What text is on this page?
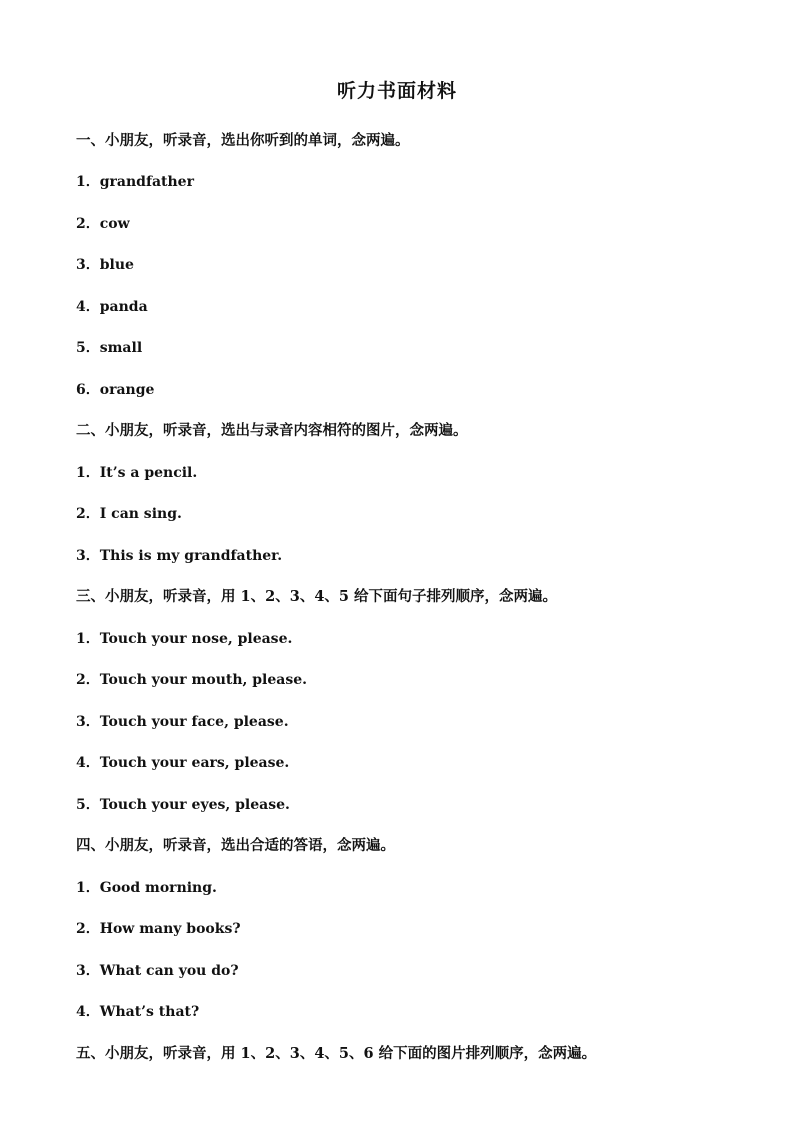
听力书面材料
一、小朋友，听录音，选出你听到的单词，念两遍。
1．grandfather
2．cow
3．blue
4．panda
5．small
6．orange
二、小朋友，听录音，选出与录音内容相符的图片，念两遍。
1．It’s a pencil.
2．I can sing.
3．This is my grandfather.
三、小朋友，听录音，用 1、2、3、4、5 给下面句子排列顺序，念两遍。
1．Touch your nose, please.
2．Touch your mouth, please.
3．Touch your face, please.
4．Touch your ears, please.
5．Touch your eyes, please.
四、小朋友，听录音，选出合适的答语，念两遍。
1．Good morning.
2．How many books?
3．What can you do?
4．What’s that?
五、小朋友，听录音，用 1、2、3、4、5、6 给下面的图片排列顺序，念两遍。
